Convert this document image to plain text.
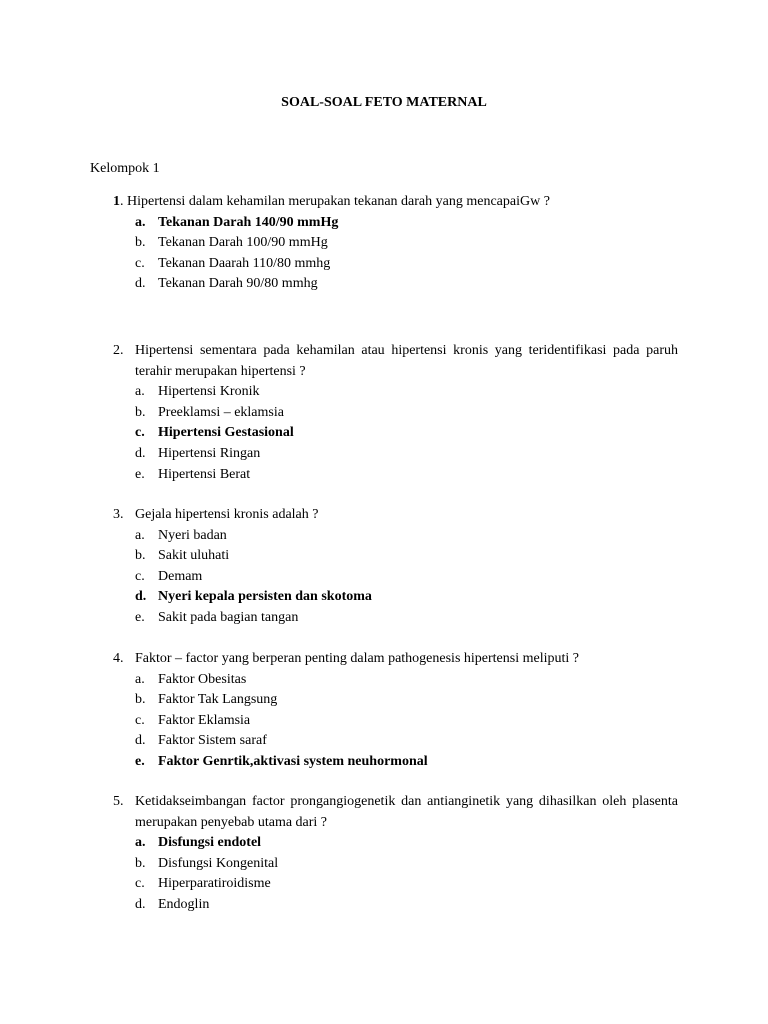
SOAL-SOAL FETO MATERNAL
Kelompok 1
1. Hipertensi dalam kehamilan merupakan tekanan darah yang mencapaiGw ?
a. Tekanan Darah 140/90 mmHg
b. Tekanan Darah 100/90 mmHg
c. Tekanan Daarah 110/80 mmhg
d. Tekanan Darah 90/80 mmhg
2. Hipertensi sementara pada kehamilan atau hipertensi kronis yang teridentifikasi pada paruh terahir merupakan hipertensi ?
a. Hipertensi Kronik
b. Preeklamsi – eklamsia
c. Hipertensi Gestasional
d. Hipertensi Ringan
e. Hipertensi Berat
3. Gejala hipertensi kronis adalah ?
a. Nyeri badan
b. Sakit uluhati
c. Demam
d. Nyeri kepala persisten dan skotoma
e. Sakit pada bagian tangan
4. Faktor – factor yang berperan penting dalam pathogenesis hipertensi meliputi ?
a. Faktor Obesitas
b. Faktor Tak Langsung
c. Faktor Eklamsia
d. Faktor Sistem saraf
e. Faktor Genrtik,aktivasi system neuhormonal
5. Ketidakseimbangan factor prongangiogenetik dan antianginetik yang dihasilkan oleh plasenta merupakan penyebab utama dari ?
a. Disfungsi endotel
b. Disfungsi Kongenital
c. Hiperparatiroidisme
d. Endoglin
